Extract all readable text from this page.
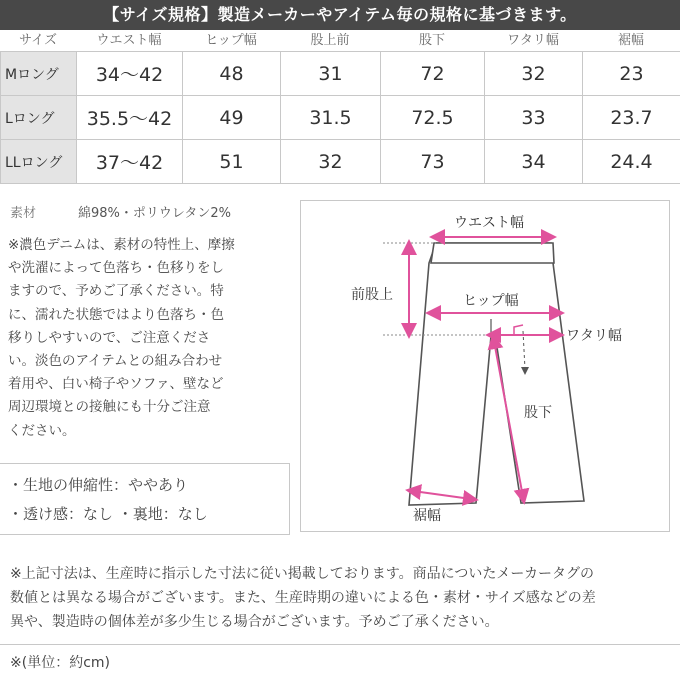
【サイズ規格】製造メーカーやアイテム毎の規格に基づきます。
サイズ	ウエスト幅	ヒップ幅	股上前	股下	ワタリ幅	裾幅
Mロング	34～42	48	31	72	32	23
Lロング	35.5～42	49	31.5	72.5	33	23.7
LLロング	37～42	51	32	73	34	24.4
素材	綿98%・ポリウレタン2%
※濃色デニムは、素材の特性上、摩擦
や洗濯によって色落ち・色移りをし
ますので、予めご了承ください。特
に、濡れた状態ではより色落ち・色
移りしやすいので、ご注意くださ
い。淡色のアイテムとの組み合わせ
着用や、白い椅子やソファ、壁など
周辺環境との接触にも十分ご注意
ください。
・生地の伸縮性：ややあり
・透け感：なし ・裏地：なし
ウエスト幅
前股上	ヒップ幅
ワタリ幅
股下
裾幅
※上記寸法は、生産時に指示した寸法に従い掲載しております。商品についたメーカータグの
数値とは異なる場合がございます。また、生産時期の違いによる色・素材・サイズ感などの差
異や、製造時の個体差が多少生じる場合がございます。予めご了承ください。
※(単位：約cm)
